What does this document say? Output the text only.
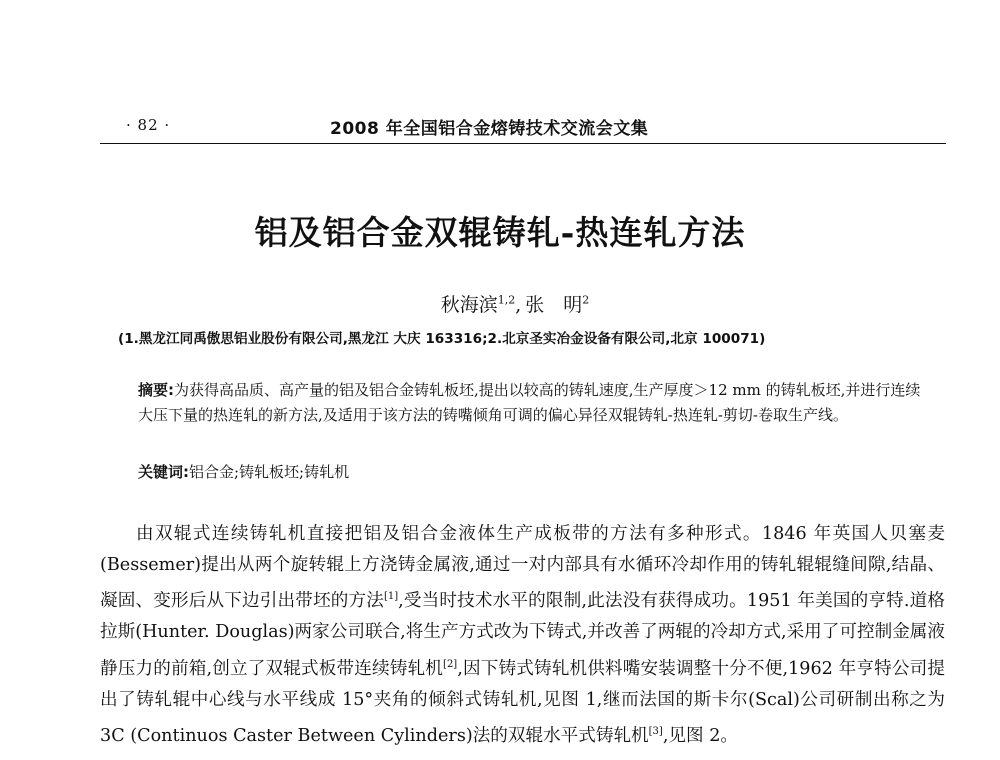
· 82 ·	2008 年全国铝合金熔铸技术交流会文集
铝及铝合金双辊铸轧-热连轧方法
秋海滨$^{1,2}$, 张　明$^2$
(1.黑龙江同禹傲思铝业股份有限公司,黑龙江 大庆 163316;2.北京圣实冶金设备有限公司,北京 100071)
摘要:为获得高品质、高产量的铝及铝合金铸轧板坯,提出以较高的铸轧速度,生产厚度＞12 mm 的铸轧板坯,并进行连续大压下量的热连轧的新方法,及适用于该方法的铸嘴倾角可调的偏心异径双辊铸轧-热连轧-剪切-卷取生产线。
关键词:铝合金;铸轧板坯;铸轧机
由双辊式连续铸轧机直接把铝及铝合金液体生产成板带的方法有多种形式。1846 年英国人贝塞麦(Bessemer)提出从两个旋转辊上方浇铸金属液,通过一对内部具有水循环冷却作用的铸轧辊辊缝间隙,结晶、凝固、变形后从下边引出带坯的方法[1],受当时技术水平的限制,此法没有获得成功。1951 年美国的亨特.道格拉斯(Hunter. Douglas)两家公司联合,将生产方式改为下铸式,并改善了两辊的冷却方式,采用了可控制金属液静压力的前箱,创立了双辊式板带连续铸轧机[2],因下铸式铸轧机供料嘴安装调整十分不便,1962 年亨特公司提出了铸轧辊中心线与水平线成 15°夹角的倾斜式铸轧机,见图 1,继而法国的斯卡尔(Scal)公司研制出称之为 3C (Continuos Caster Between Cylinders)法的双辊水平式铸轧机[3],见图 2。
